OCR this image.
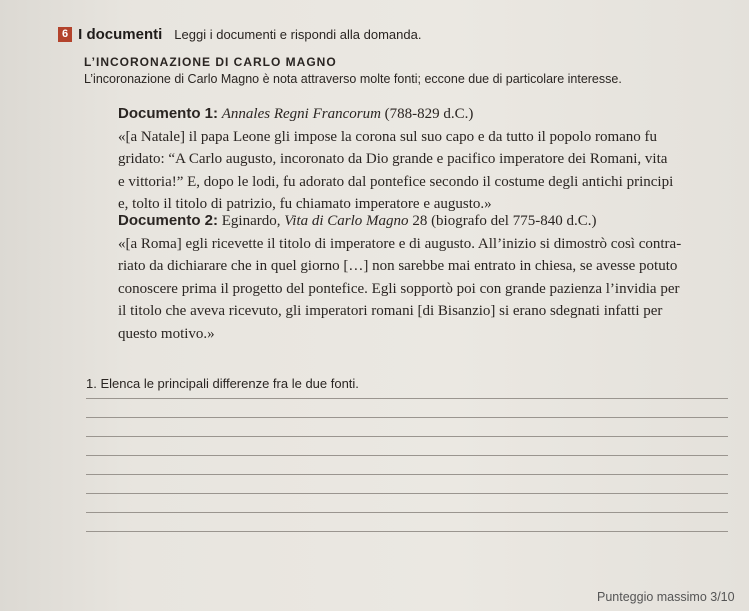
6 I documenti Leggi i documenti e rispondi alla domanda.
L’INCORONAZIONE DI CARLO MAGNO
L’incoronazione di Carlo Magno è nota attraverso molte fonti; eccone due di particolare interesse.
Documento 1: Annales Regni Francorum (788-829 d.C.)
«[a Natale] il papa Leone gli impose la corona sul suo capo e da tutto il popolo romano fu
gridato: “A Carlo augusto, incoronato da Dio grande e pacifico imperatore dei Romani, vita
e vittoria!” E, dopo le lodi, fu adorato dal pontefice secondo il costume degli antichi principi
e, tolto il titolo di patrizio, fu chiamato imperatore e augusto.»
Documento 2: Eginardo, Vita di Carlo Magno 28 (biografo del 775-840 d.C.)
«[a Roma] egli ricevette il titolo di imperatore e di augusto. All’inizio si dimostrò così contra-
riato da dichiarare che in quel giorno […] non sarebbe mai entrato in chiesa, se avesse potuto
conoscere prima il progetto del pontefice. Egli sopportò poi con grande pazienza l’invidia per
il titolo che aveva ricevuto, gli imperatori romani [di Bisanzio] si erano sdegnati infatti per
questo motivo.»
1. Elenca le principali differenze fra le due fonti.
Punteggio massimo 3/10
